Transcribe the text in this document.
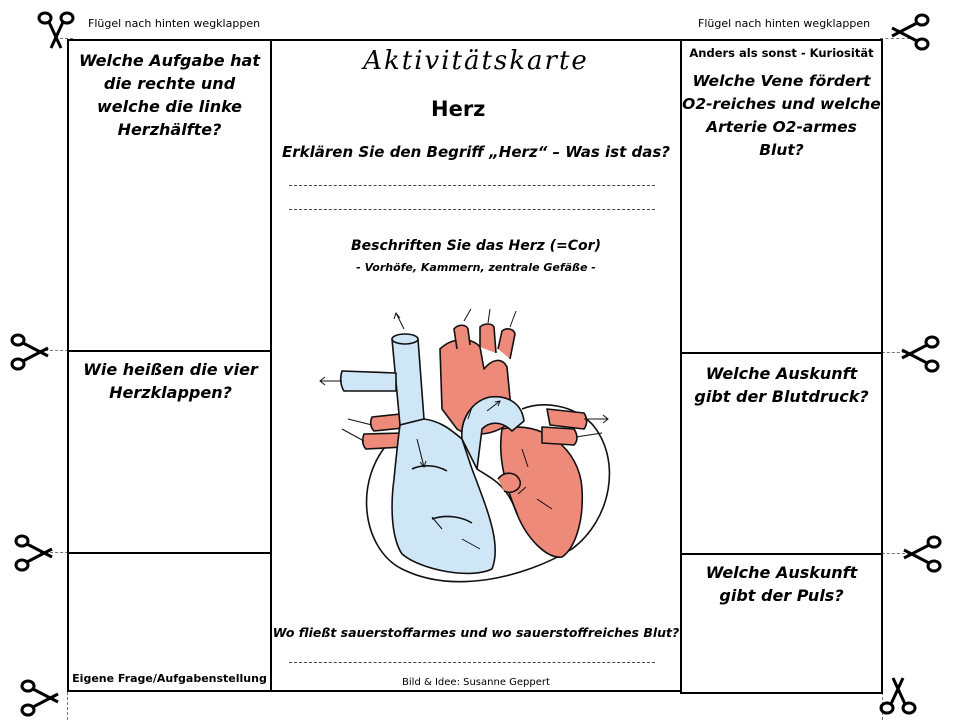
Flügel nach hinten wegklappen	Flügel nach hinten wegklappen
Welche Aufgabe hat die rechte und welche die linke Herzhälfte?
Wie heißen die vier Herzklappen?
Eigene Frage/Aufgabenstellung
Aktivitätskarte
Herz
Erklären Sie den Begriff „Herz“ – Was ist das?
Beschriften Sie das Herz (=Cor)
- Vorhöfe, Kammern, zentrale Gefäße -
Wo fließt sauerstoffarmes und wo sauerstoffreiches Blut?
Bild & Idee: Susanne Geppert
Anders als sonst - Kuriosität
Welche Vene fördert O2-reiches und welche Arterie O2-armes Blut?
Welche Auskunft gibt der Blutdruck?
Welche Auskunft gibt der Puls?
